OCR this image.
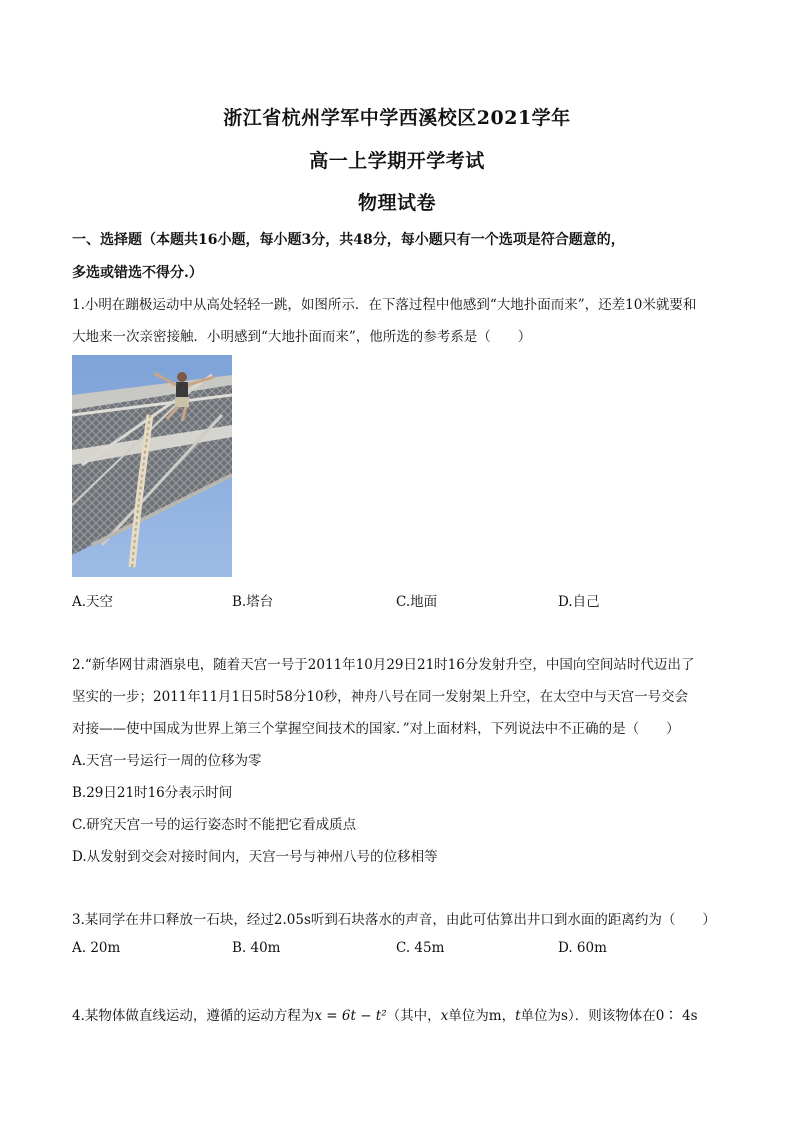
浙江省杭州学军中学西溪校区2021学年
高一上学期开学考试
物理试卷
一、选择题（本题共16小题，每小题3分，共48分，每小题只有一个选项是符合题意的，
多选或错选不得分.）
1.小明在蹦极运动中从高处轻轻一跳，如图所示．在下落过程中他感到“大地扑面而来”，还差10米就要和
大地来一次亲密接触．小明感到“大地扑面而来”，他所选的参考系是（　　）
A.天空	B.塔台	C.地面	D.自己
2.“新华网甘肃酒泉电，随着天宫一号于2011年10月29日21时16分发射升空，中国向空间站时代迈出了
坚实的一步；2011年11月1日5时58分10秒，神舟八号在同一发射架上升空，在太空中与天宫一号交会
对接——使中国成为世界上第三个掌握空间技术的国家．”对上面材料，下列说法中不正确的是（　　）
A.天宫一号运行一周的位移为零
B.29日21时16分表示时间
C.研究天宫一号的运行姿态时不能把它看成质点
D.从发射到交会对接时间内，天宫一号与神州八号的位移相等
3.某同学在井口释放一石块，经过2.05s听到石块落水的声音，由此可估算出井口到水面的距离约为（　　）
A. 20m	B. 40m	C. 45m	D. 60m
4.某物体做直线运动，遵循的运动方程为x = 6t − t²（其中，x单位为m，t单位为s）．则该物体在0∶ 4s
